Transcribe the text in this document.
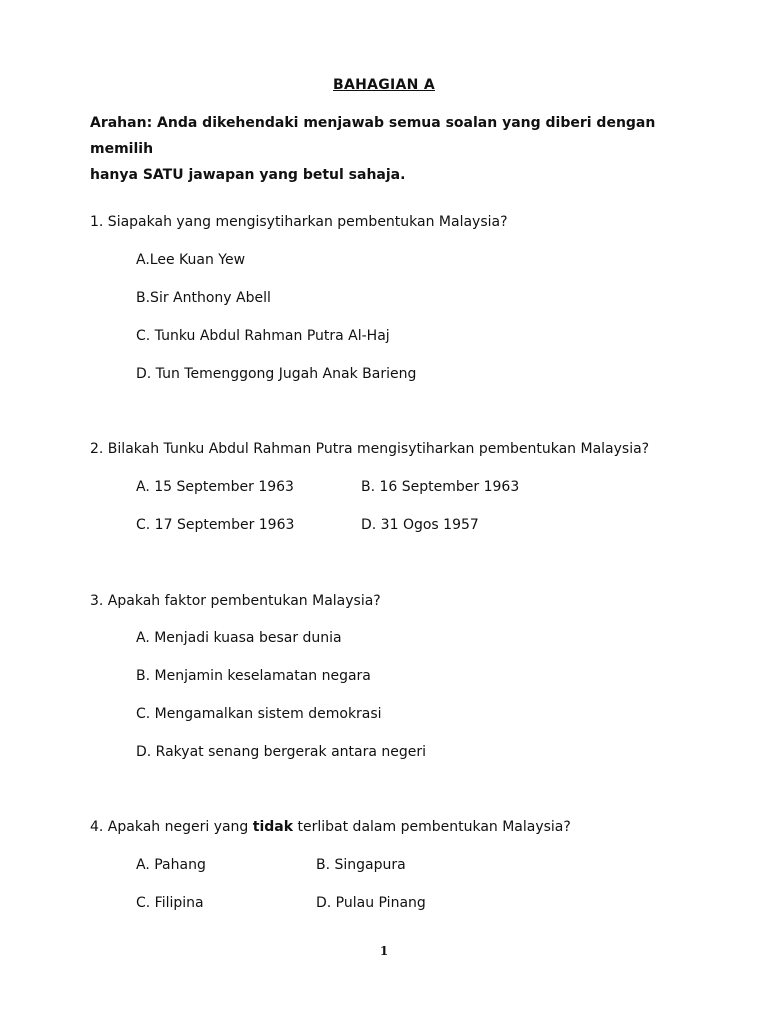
BAHAGIAN A
Arahan: Anda dikehendaki menjawab semua soalan yang diberi dengan memilih
hanya SATU jawapan yang betul sahaja.
1. Siapakah yang mengisytiharkan pembentukan Malaysia?
A.Lee Kuan Yew
B.Sir Anthony Abell
C. Tunku Abdul Rahman Putra Al-Haj
D. Tun Temenggong Jugah Anak Barieng
2. Bilakah Tunku Abdul Rahman Putra mengisytiharkan pembentukan Malaysia?
A. 15 September 1963	B. 16 September 1963
C. 17 September 1963	D. 31 Ogos 1957
3. Apakah faktor pembentukan Malaysia?
A. Menjadi kuasa besar dunia
B. Menjamin keselamatan negara
C. Mengamalkan sistem demokrasi
D. Rakyat senang bergerak antara negeri
4. Apakah negeri yang tidak terlibat dalam pembentukan Malaysia?
A. Pahang	B. Singapura
C. Filipina	D. Pulau Pinang
1
